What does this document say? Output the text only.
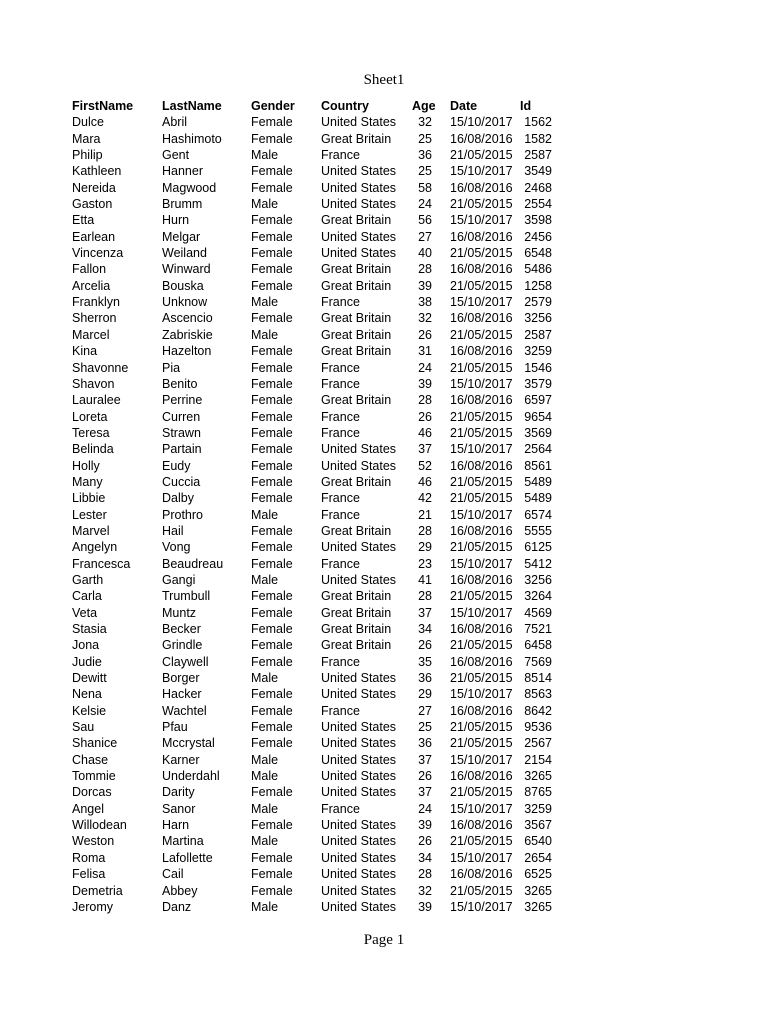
Sheet1
FirstName	LastName	Gender	Country	Age	Date	Id
Dulce	Abril	Female	United States	32	15/10/2017 1562
Mara	Hashimoto	Female	Great Britain	25	16/08/2016 1582
Philip	Gent	Male	France	36	21/05/2015 2587
Kathleen	Hanner	Female	United States	25	15/10/2017 3549
Nereida	Magwood	Female	United States	58	16/08/2016 2468
Gaston	Brumm	Male	United States	24	21/05/2015 2554
Etta	Hurn	Female	Great Britain	56	15/10/2017 3598
Earlean	Melgar	Female	United States	27	16/08/2016 2456
Vincenza	Weiland	Female	United States	40	21/05/2015 6548
Fallon	Winward	Female	Great Britain	28	16/08/2016 5486
Arcelia	Bouska	Female	Great Britain	39	21/05/2015 1258
Franklyn	Unknow	Male	France	38	15/10/2017 2579
Sherron	Ascencio	Female	Great Britain	32	16/08/2016 3256
Marcel	Zabriskie	Male	Great Britain	26	21/05/2015 2587
Kina	Hazelton	Female	Great Britain	31	16/08/2016 3259
Shavonne	Pia	Female	France	24	21/05/2015 1546
Shavon	Benito	Female	France	39	15/10/2017 3579
Lauralee	Perrine	Female	Great Britain	28	16/08/2016 6597
Loreta	Curren	Female	France	26	21/05/2015 9654
Teresa	Strawn	Female	France	46	21/05/2015 3569
Belinda	Partain	Female	United States	37	15/10/2017 2564
Holly	Eudy	Female	United States	52	16/08/2016 8561
Many	Cuccia	Female	Great Britain	46	21/05/2015 5489
Libbie	Dalby	Female	France	42	21/05/2015 5489
Lester	Prothro	Male	France	21	15/10/2017 6574
Marvel	Hail	Female	Great Britain	28	16/08/2016 5555
Angelyn	Vong	Female	United States	29	21/05/2015 6125
Francesca	Beaudreau	Female	France	23	15/10/2017 5412
Garth	Gangi	Male	United States	41	16/08/2016 3256
Carla	Trumbull	Female	Great Britain	28	21/05/2015 3264
Veta	Muntz	Female	Great Britain	37	15/10/2017 4569
Stasia	Becker	Female	Great Britain	34	16/08/2016 7521
Jona	Grindle	Female	Great Britain	26	21/05/2015 6458
Judie	Claywell	Female	France	35	16/08/2016 7569
Dewitt	Borger	Male	United States	36	21/05/2015 8514
Nena	Hacker	Female	United States	29	15/10/2017 8563
Kelsie	Wachtel	Female	France	27	16/08/2016 8642
Sau	Pfau	Female	United States	25	21/05/2015 9536
Shanice	Mccrystal	Female	United States	36	21/05/2015 2567
Chase	Karner	Male	United States	37	15/10/2017 2154
Tommie	Underdahl	Male	United States	26	16/08/2016 3265
Dorcas	Darity	Female	United States	37	21/05/2015 8765
Angel	Sanor	Male	France	24	15/10/2017 3259
Willodean	Harn	Female	United States	39	16/08/2016 3567
Weston	Martina	Male	United States	26	21/05/2015 6540
Roma	Lafollette	Female	United States	34	15/10/2017 2654
Felisa	Cail	Female	United States	28	16/08/2016 6525
Demetria	Abbey	Female	United States	32	21/05/2015 3265
Jeromy	Danz	Male	United States	39	15/10/2017 3265
Page 1
